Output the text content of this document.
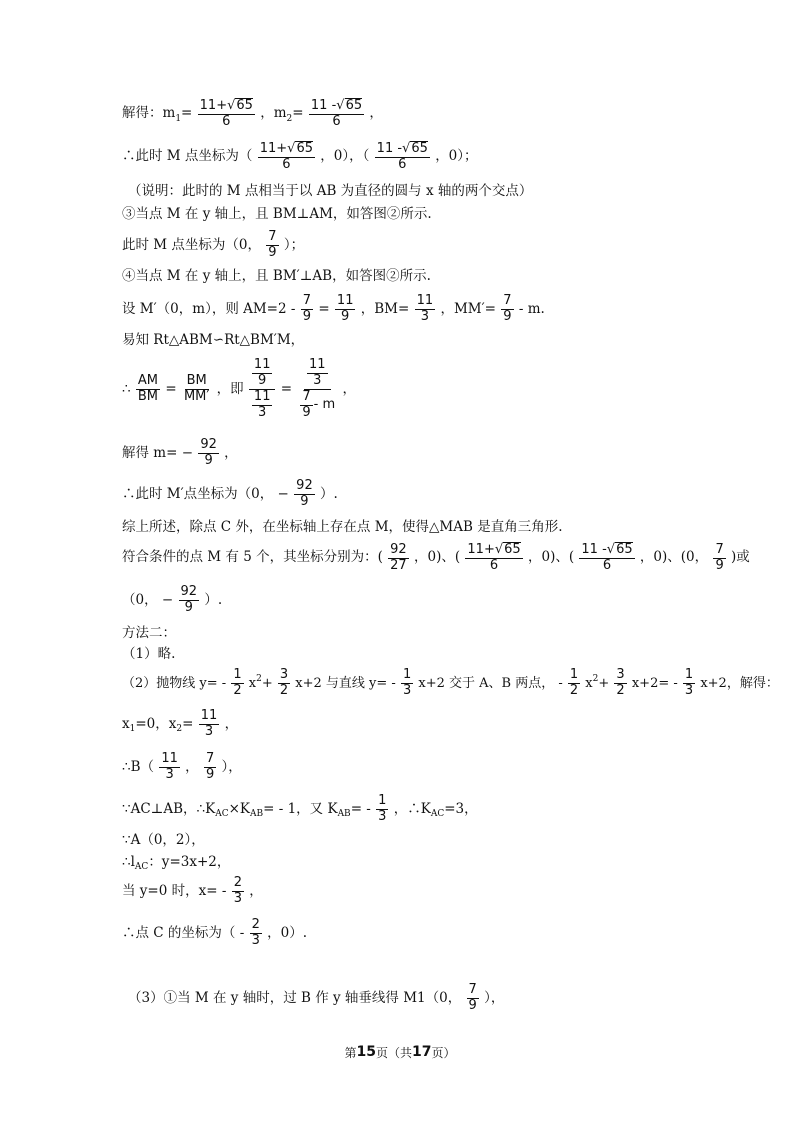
解得：$m1= \frac{11+√65}{6}$ ，$m2= \frac{11 -√65}{6}$ ，
∴此时 M 点坐标为（ $\frac{11+√65}{6}$ ，0），（ $\frac{11 -√65}{6}$ ，0）；
（说明：此时的 M 点相当于以 AB 为直径的圆与 x 轴的两个交点）
③当点 M 在 y 轴上，且 BM⊥AM，如答图②所示.
此时 M 点坐标为（0， $\frac{7}{9}$ ）；
④当点 M 在 y 轴上，且 BM′⊥AB，如答图②所示.
设 M′（0，m），则 $AM=2 - \frac{7}{9} = \frac{11}{9}$ ，$BM= \frac{11}{3}$ ，$MM'= \frac{7}{9} - m$.
易知 Rt△ABM∽Rt△BM′M，
∴ $\frac{AM}{BM} = \frac{BM}{MM'}$ ，即 $\frac{\frac{11}{9}}{\frac{11}{3}} = \frac{\frac{11}{3}}{\frac{7}{9} - m}$ ，
解得 $m= - \frac{92}{9}$ ，
∴此时 M′点坐标为（0， − $\frac{92}{9}$ ）.
综上所述，除点 C 外，在坐标轴上存在点 M，使得△MAB 是直角三角形.
符合条件的点 M 有 5 个，其坐标分别为：( $\frac{92}{27}$ ，0)、( $\frac{11+√65}{6}$ ，0)、( $\frac{11 -√65}{6}$ ，0)、(0， $\frac{7}{9}$ )或
（0， − $\frac{92}{9}$ ）.
方法二：
（1）略.
（2）抛物线 $y= - \frac{1}{2} x2+ \frac{3}{2} x+2$ 与直线 $y= - \frac{1}{3} x+2$ 交于 A、B 两点， - $\frac{1}{2} x2+ \frac{3}{2} x+2= - \frac{1}{3} x+2$，解得：
x1=0，$x2= \frac{11}{3}$ ，
∴B（ $\frac{11}{3}$ ， $\frac{7}{9}$ ），
∵AC⊥AB，∴KAC×KAB= - 1，又 $KAB= - \frac{1}{3}$ ，∴KAC=3，
∵A（0，2），
∴lAC：y=3x+2，
当 y=0 时，$x= - \frac{2}{3}$ ，
∴点 C 的坐标为（ - $\frac{2}{3}$ ，0）.
（3）①当 M 在 y 轴时，过 B 作 y 轴垂线得 M1（0， $\frac{7}{9}$ ），
第15页（共17页）
